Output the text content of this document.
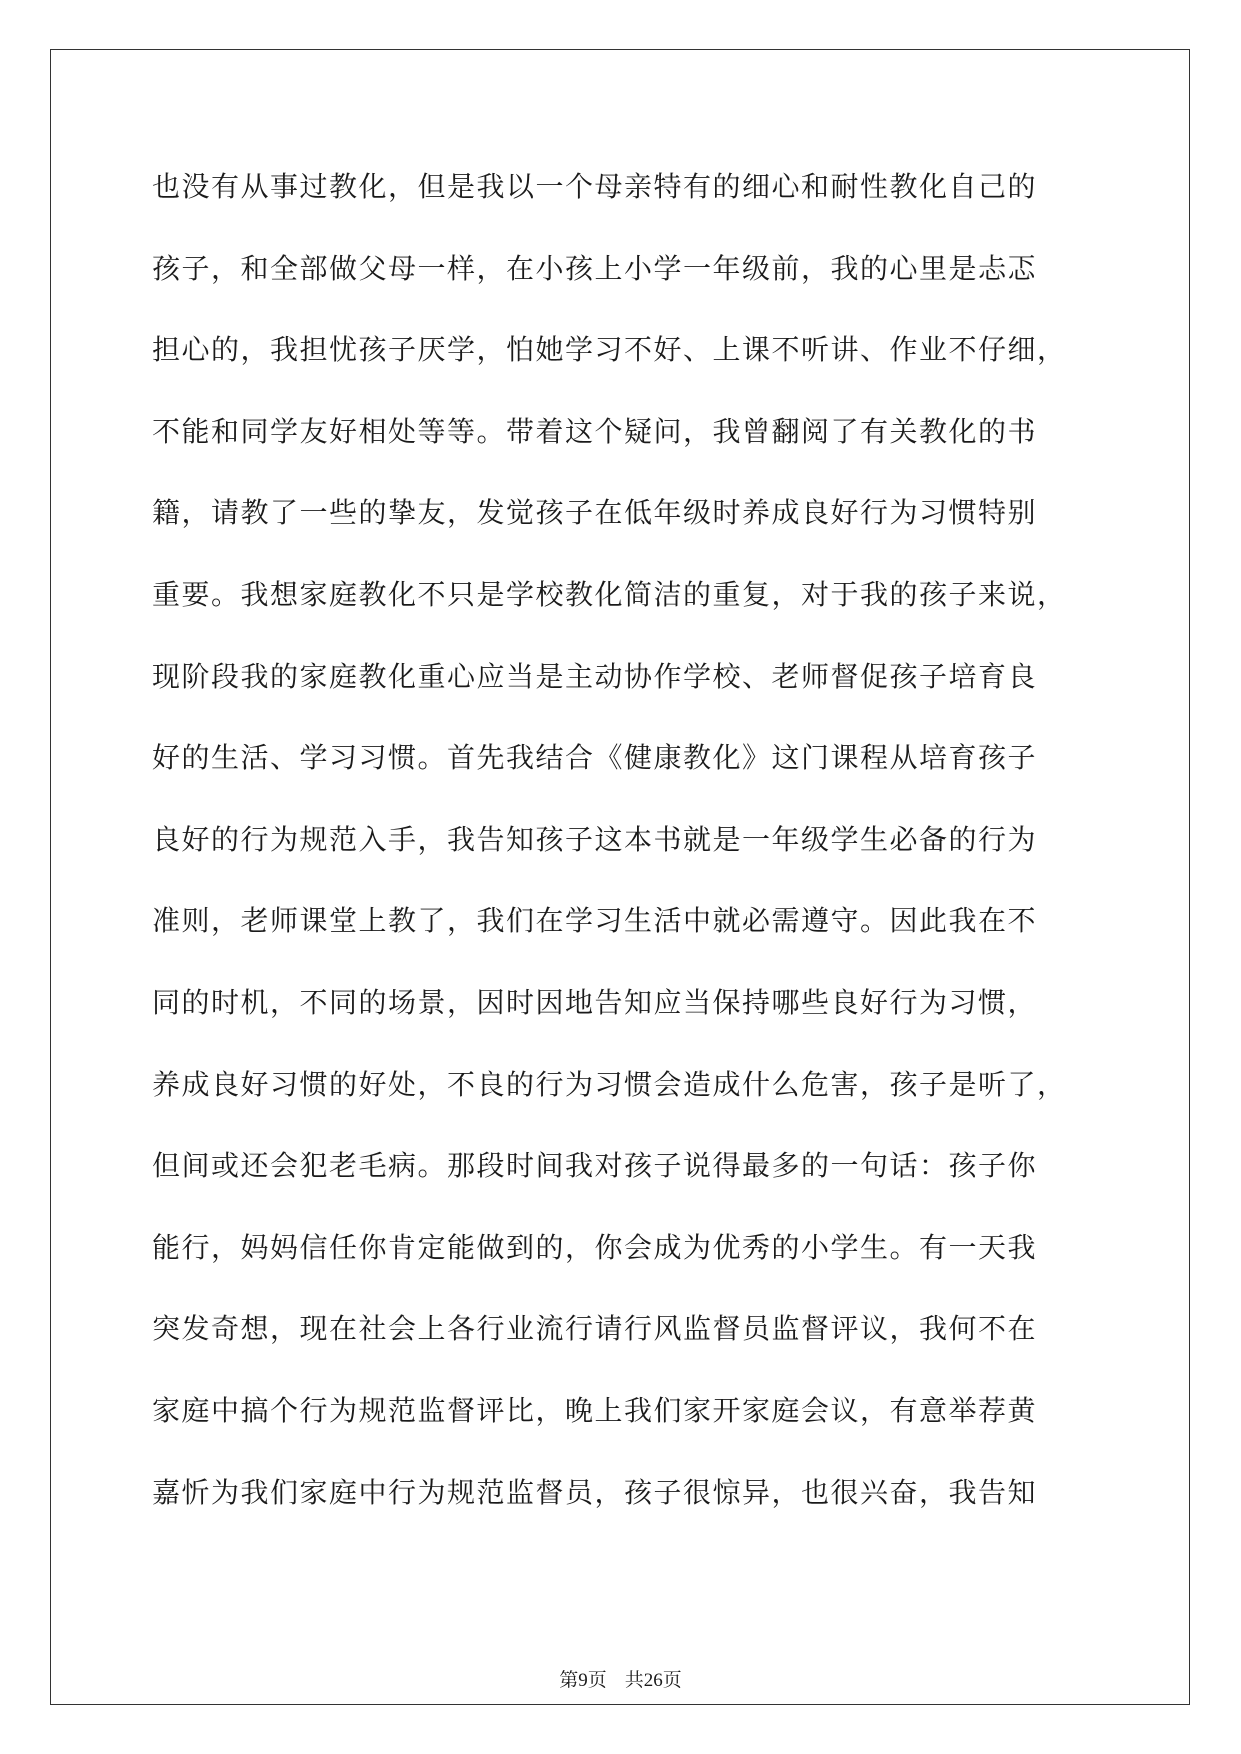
也没有从事过教化，但是我以一个母亲特有的细心和耐性教化自己的
孩子，和全部做父母一样，在小孩上小学一年级前，我的心里是忐忑
担心的，我担忧孩子厌学，怕她学习不好、上课不听讲、作业不仔细，
不能和同学友好相处等等。带着这个疑问，我曾翻阅了有关教化的书
籍，请教了一些的挚友，发觉孩子在低年级时养成良好行为习惯特别
重要。我想家庭教化不只是学校教化简洁的重复，对于我的孩子来说，
现阶段我的家庭教化重心应当是主动协作学校、老师督促孩子培育良
好的生活、学习习惯。首先我结合《健康教化》这门课程从培育孩子
良好的行为规范入手，我告知孩子这本书就是一年级学生必备的行为
准则，老师课堂上教了，我们在学习生活中就必需遵守。因此我在不
同的时机，不同的场景，因时因地告知应当保持哪些良好行为习惯，
养成良好习惯的好处，不良的行为习惯会造成什么危害，孩子是听了，
但间或还会犯老毛病。那段时间我对孩子说得最多的一句话：孩子你
能行，妈妈信任你肯定能做到的，你会成为优秀的小学生。有一天我
突发奇想，现在社会上各行业流行请行风监督员监督评议，我何不在
家庭中搞个行为规范监督评比，晚上我们家开家庭会议，有意举荐黄
嘉忻为我们家庭中行为规范监督员，孩子很惊异，也很兴奋，我告知
第9页 共26页
